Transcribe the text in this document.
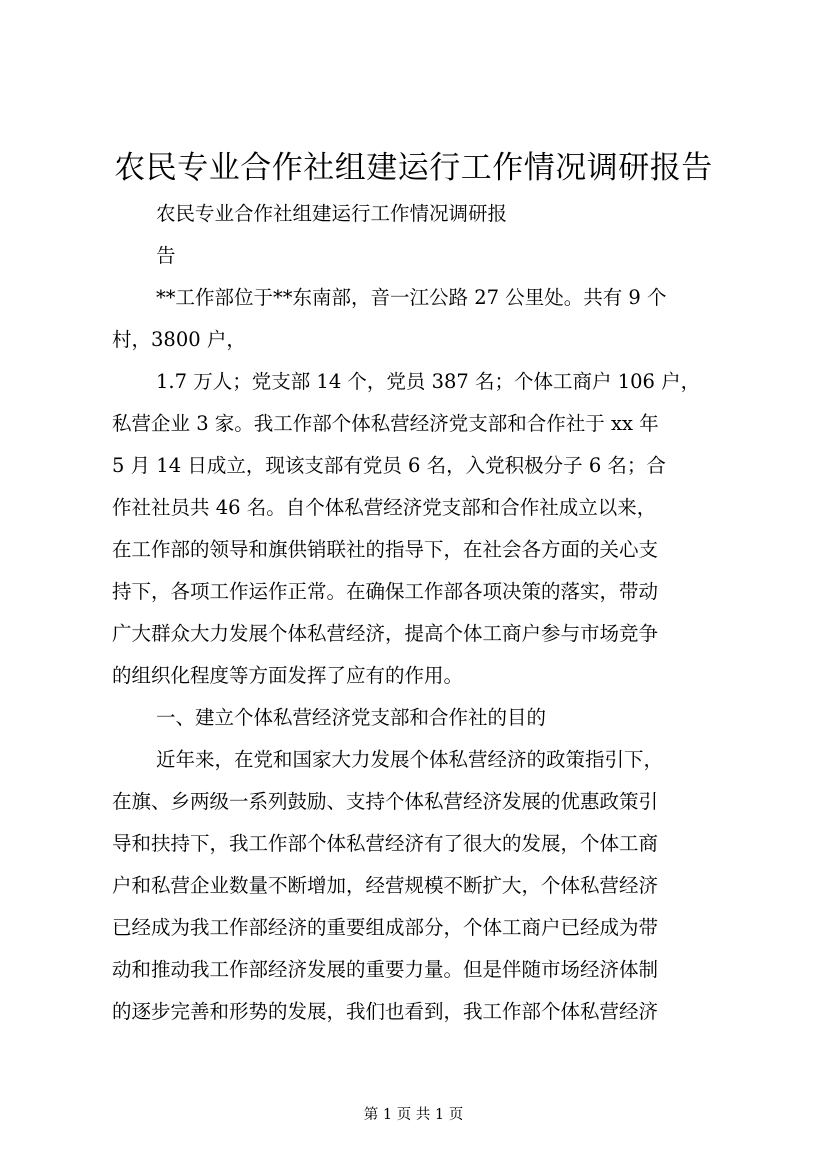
农民专业合作社组建运行工作情况调研报告

农民专业合作社组建运行工作情况调研报

告

**工作部位于**东南部，音一江公路 27 公里处。共有 9 个

村，3800 户，

1.7 万人；党支部 14 个，党员 387 名；个体工商户 106 户，

私营企业 3 家。我工作部个体私营经济党支部和合作社于 xx 年

5 月 14 日成立，现该支部有党员 6 名，入党积极分子 6 名；合

作社社员共 46 名。自个体私营经济党支部和合作社成立以来，

在工作部的领导和旗供销联社的指导下，在社会各方面的关心支

持下，各项工作运作正常。在确保工作部各项决策的落实，带动

广大群众大力发展个体私营经济，提高个体工商户参与市场竞争

的组织化程度等方面发挥了应有的作用。

一、建立个体私营经济党支部和合作社的目的

近年来，在党和国家大力发展个体私营经济的政策指引下，

在旗、乡两级一系列鼓励、支持个体私营经济发展的优惠政策引

导和扶持下，我工作部个体私营经济有了很大的发展，个体工商

户和私营企业数量不断增加，经营规模不断扩大，个体私营经济

已经成为我工作部经济的重要组成部分，个体工商户已经成为带

动和推动我工作部经济发展的重要力量。但是伴随市场经济体制

的逐步完善和形势的发展，我们也看到，我工作部个体私营经济

第 1 页 共 1 页
